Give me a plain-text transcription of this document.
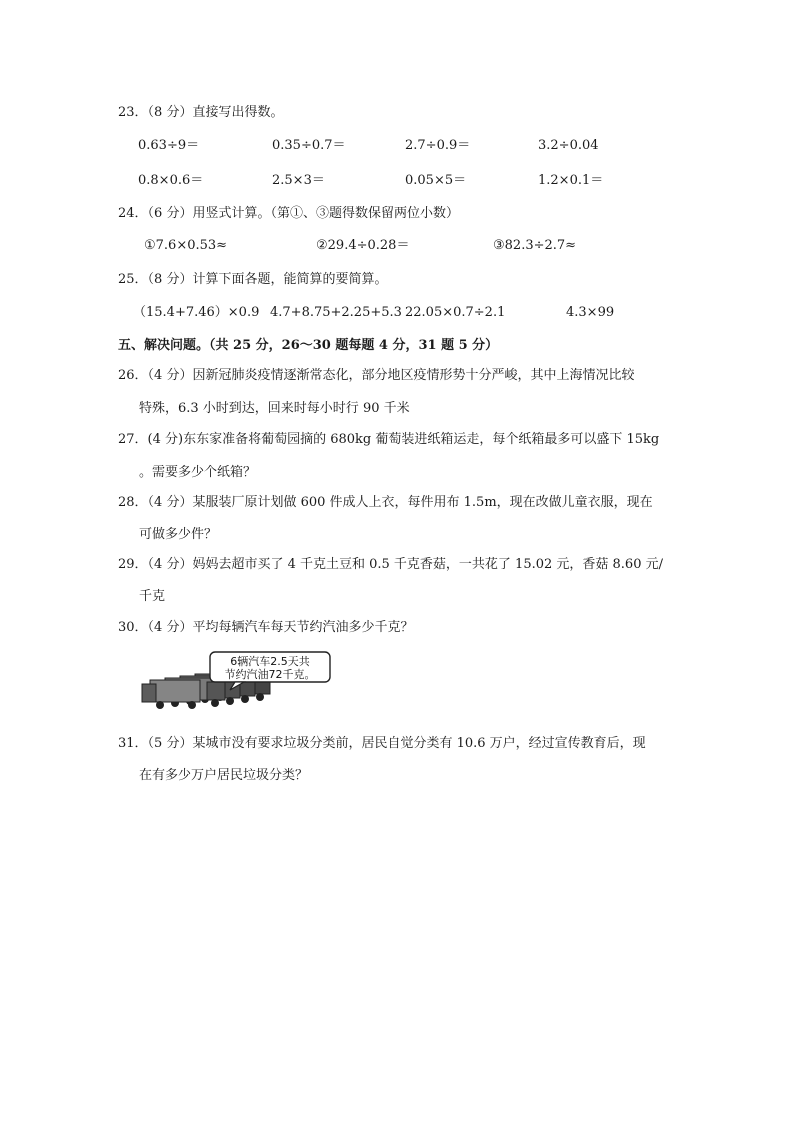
23．（8 分）直接写出得数。
0.63÷9＝	0.35÷0.7＝	2.7÷0.9＝	3.2÷0.04
0.8×0.6＝	2.5×3＝	0.05×5＝	1.2×0.1＝
24．（6 分）用竖式计算。（第①、③题得数保留两位小数）
①7.6×0.53≈	②29.4÷0.28＝	③82.3÷2.7≈
25．（8 分）计算下面各题，能简算的要简算。
（15.4+7.46）×0.9 4.7+8.75+2.25+5.3 22.05×0.7÷2.1	4.3×99
五、解决问题。（共 25 分，26～30 题每题 4 分，31 题 5 分）
26．（4 分）因新冠肺炎疫情逐渐常态化，部分地区疫情形势十分严峻，其中上海情况比较
特殊，6.3 小时到达，回来时每小时行 90 千米
27．(4 分)东东家准备将葡萄园摘的 680kg 葡萄装进纸箱运走，每个纸箱最多可以盛下 15kg
。需要多少个纸箱？
28．（4 分）某服装厂原计划做 600 件成人上衣，每件用布 1.5m，现在改做儿童衣服，现在
可做多少件？
29．（4 分）妈妈去超市买了 4 千克土豆和 0.5 千克香菇，一共花了 15.02 元，香菇 8.60 元/
千克
30．（4 分）平均每辆汽车每天节约汽油多少千克？
6辆汽车2.5天共
节约汽油72千克。
31．（5 分）某城市没有要求垃圾分类前，居民自觉分类有 10.6 万户，经过宣传教育后，现
在有多少万户居民垃圾分类？
